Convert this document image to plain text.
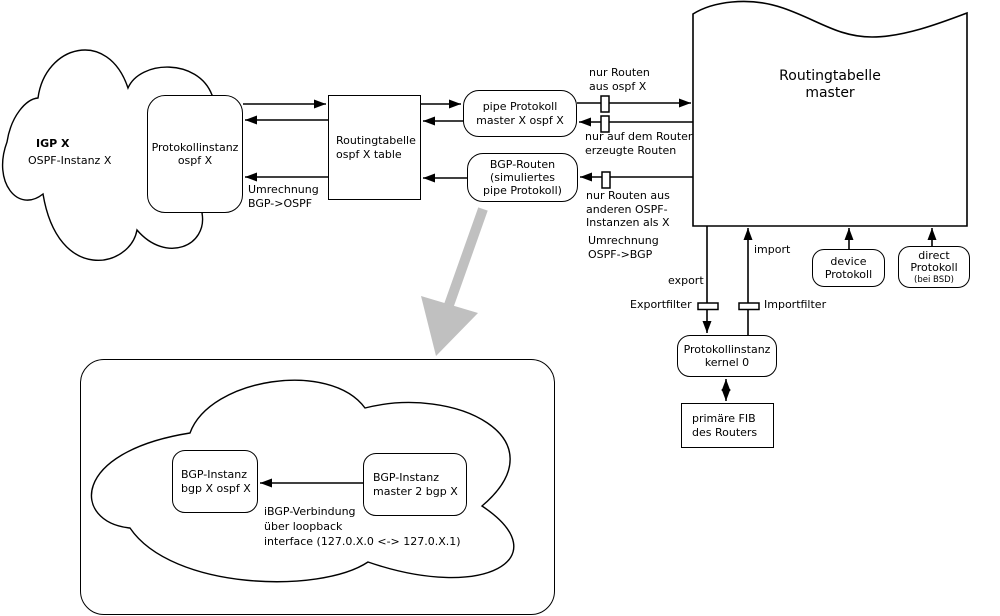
Protokollinstanz
ospf X
Routingtabelle
ospf X table
pipe Protokoll
master X ospf X
BGP-Routen
(simuliertes
pipe Protokoll)
Routingtabelle
master
Protokollinstanz
kernel 0
primäre FIB
des Routers
device
Protokoll
direct
Protokoll
(bei BSD)
BGP-Instanz
bgp X ospf X
BGP-Instanz
master 2 bgp X
IGP X
OSPF-Instanz X
Umrechnung
BGP->OSPF
nur Routen
aus ospf X
nur auf dem Router
erzeugte Routen
nur Routen aus
anderen OSPF-
Instanzen als X
Umrechnung
OSPF->BGP
export
import
Exportfilter	Importfilter
iBGP-Verbindung
über loopback
interface (127.0.X.0 <-> 127.0.X.1)
